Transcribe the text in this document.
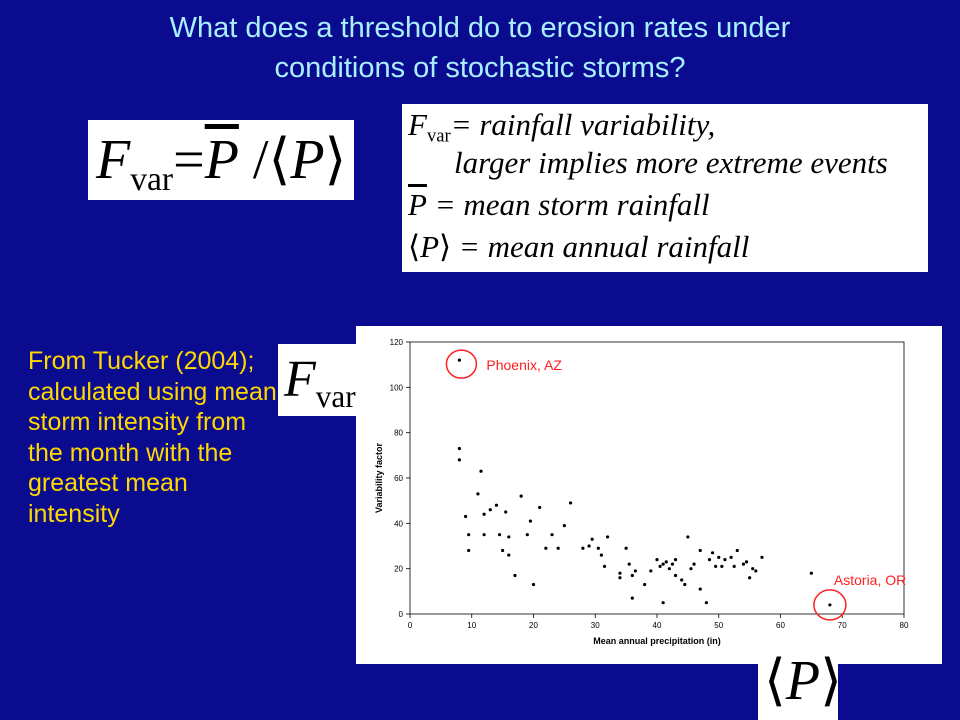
What does a threshold do to erosion rates under
conditions of stochastic storms?
$F_{var}=\overline{P}$ /⟨P⟩
$F_{var}=$ rainfall variability,
larger implies more extreme events
$\overline{P}$ = mean storm rainfall
⟨P⟩ = mean annual rainfall
From Tucker (2004); calculated using mean storm intensity from the month with the greatest mean intensity
$F_{var}$
0	10	20	30	40	50	60	70	80
0
20
40
60
80
100
120
Mean annual precipitation (in)
Variability factor
Phoenix, AZ
Astoria, OR
⟨P⟩
